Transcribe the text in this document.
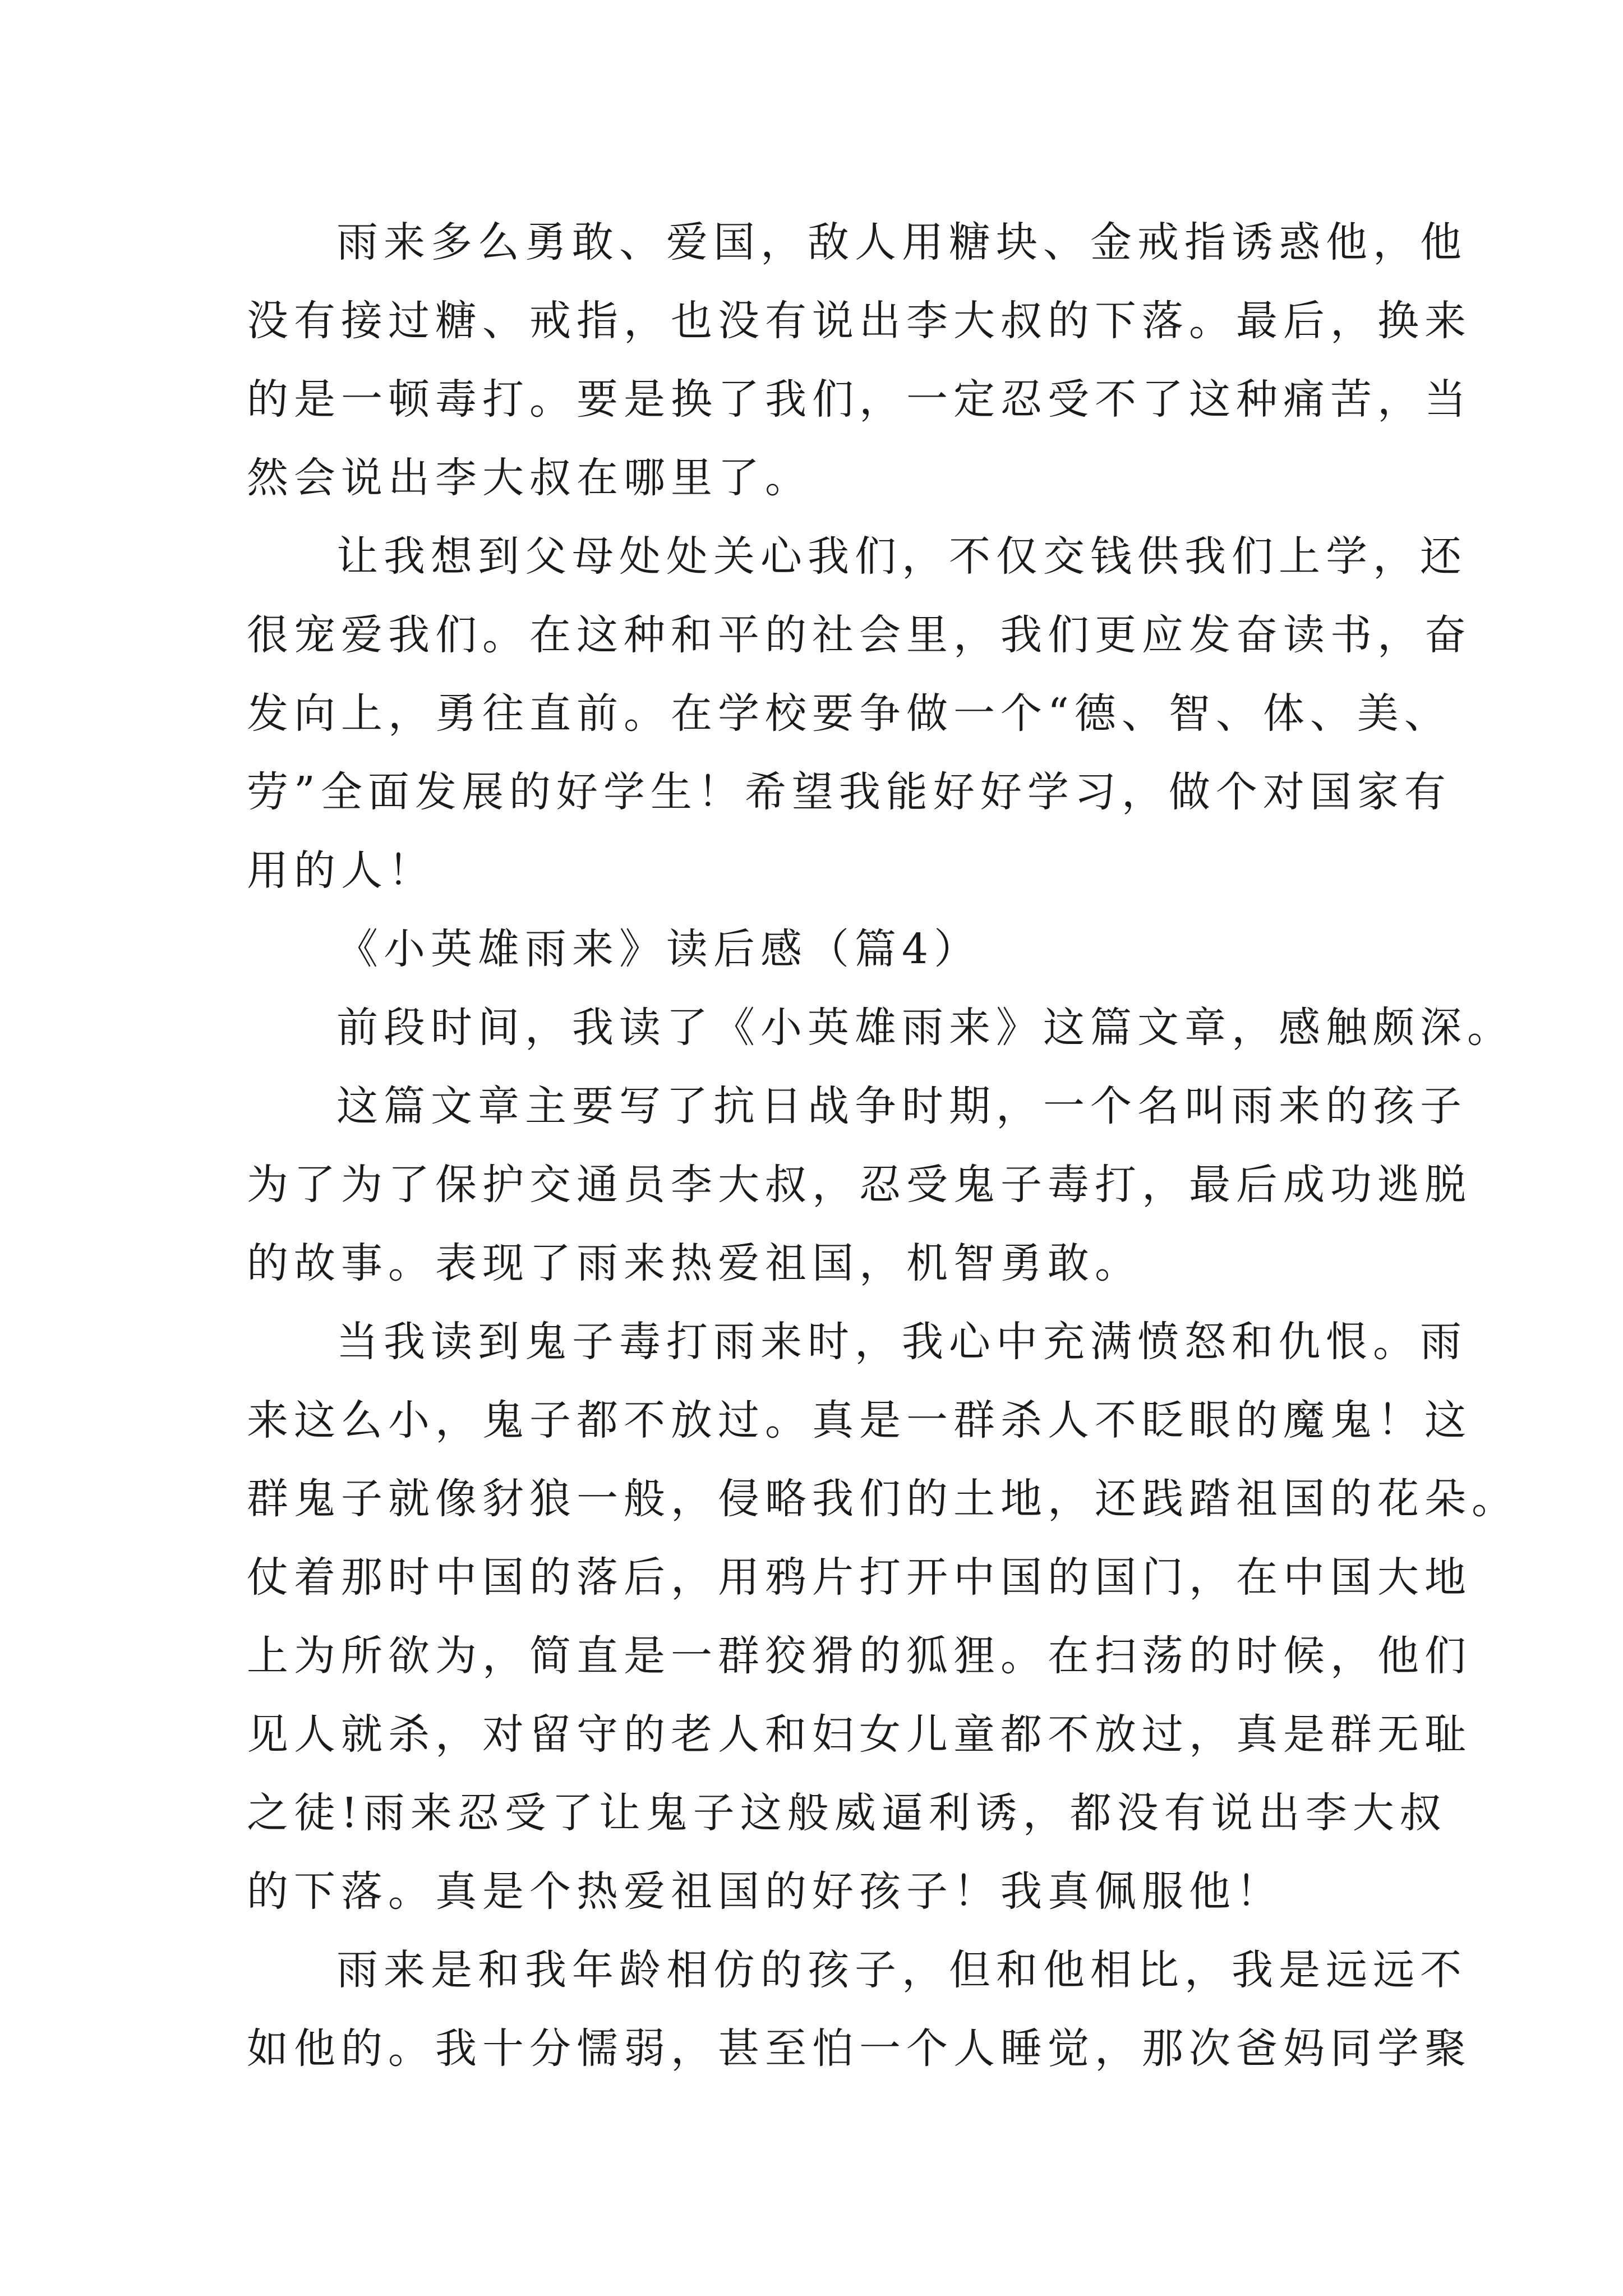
雨来多么勇敢、爱国，敌人用糖块、金戒指诱惑他，他

没有接过糖、戒指，也没有说出李大叔的下落。最后，换来

的是一顿毒打。要是换了我们，一定忍受不了这种痛苦，当

然会说出李大叔在哪里了。

让我想到父母处处关心我们，不仅交钱供我们上学，还

很宠爱我们。在这种和平的社会里，我们更应发奋读书，奋

发向上，勇往直前。在学校要争做一个“德、智、体、美、

劳”全面发展的好学生！希望我能好好学习，做个对国家有

用的人！

《小英雄雨来》读后感（篇4）

前段时间，我读了《小英雄雨来》这篇文章，感触颇深。

这篇文章主要写了抗日战争时期，一个名叫雨来的孩子

为了为了保护交通员李大叔，忍受鬼子毒打，最后成功逃脱

的故事。表现了雨来热爱祖国，机智勇敢。

当我读到鬼子毒打雨来时，我心中充满愤怒和仇恨。雨

来这么小，鬼子都不放过。真是一群杀人不眨眼的魔鬼！这

群鬼子就像豺狼一般，侵略我们的土地，还践踏祖国的花朵。

仗着那时中国的落后，用鸦片打开中国的国门，在中国大地

上为所欲为，简直是一群狡猾的狐狸。在扫荡的时候，他们

见人就杀，对留守的老人和妇女儿童都不放过，真是群无耻

之徒!雨来忍受了让鬼子这般威逼利诱，都没有说出李大叔

的下落。真是个热爱祖国的好孩子！我真佩服他！

雨来是和我年龄相仿的孩子，但和他相比，我是远远不

如他的。我十分懦弱，甚至怕一个人睡觉，那次爸妈同学聚
